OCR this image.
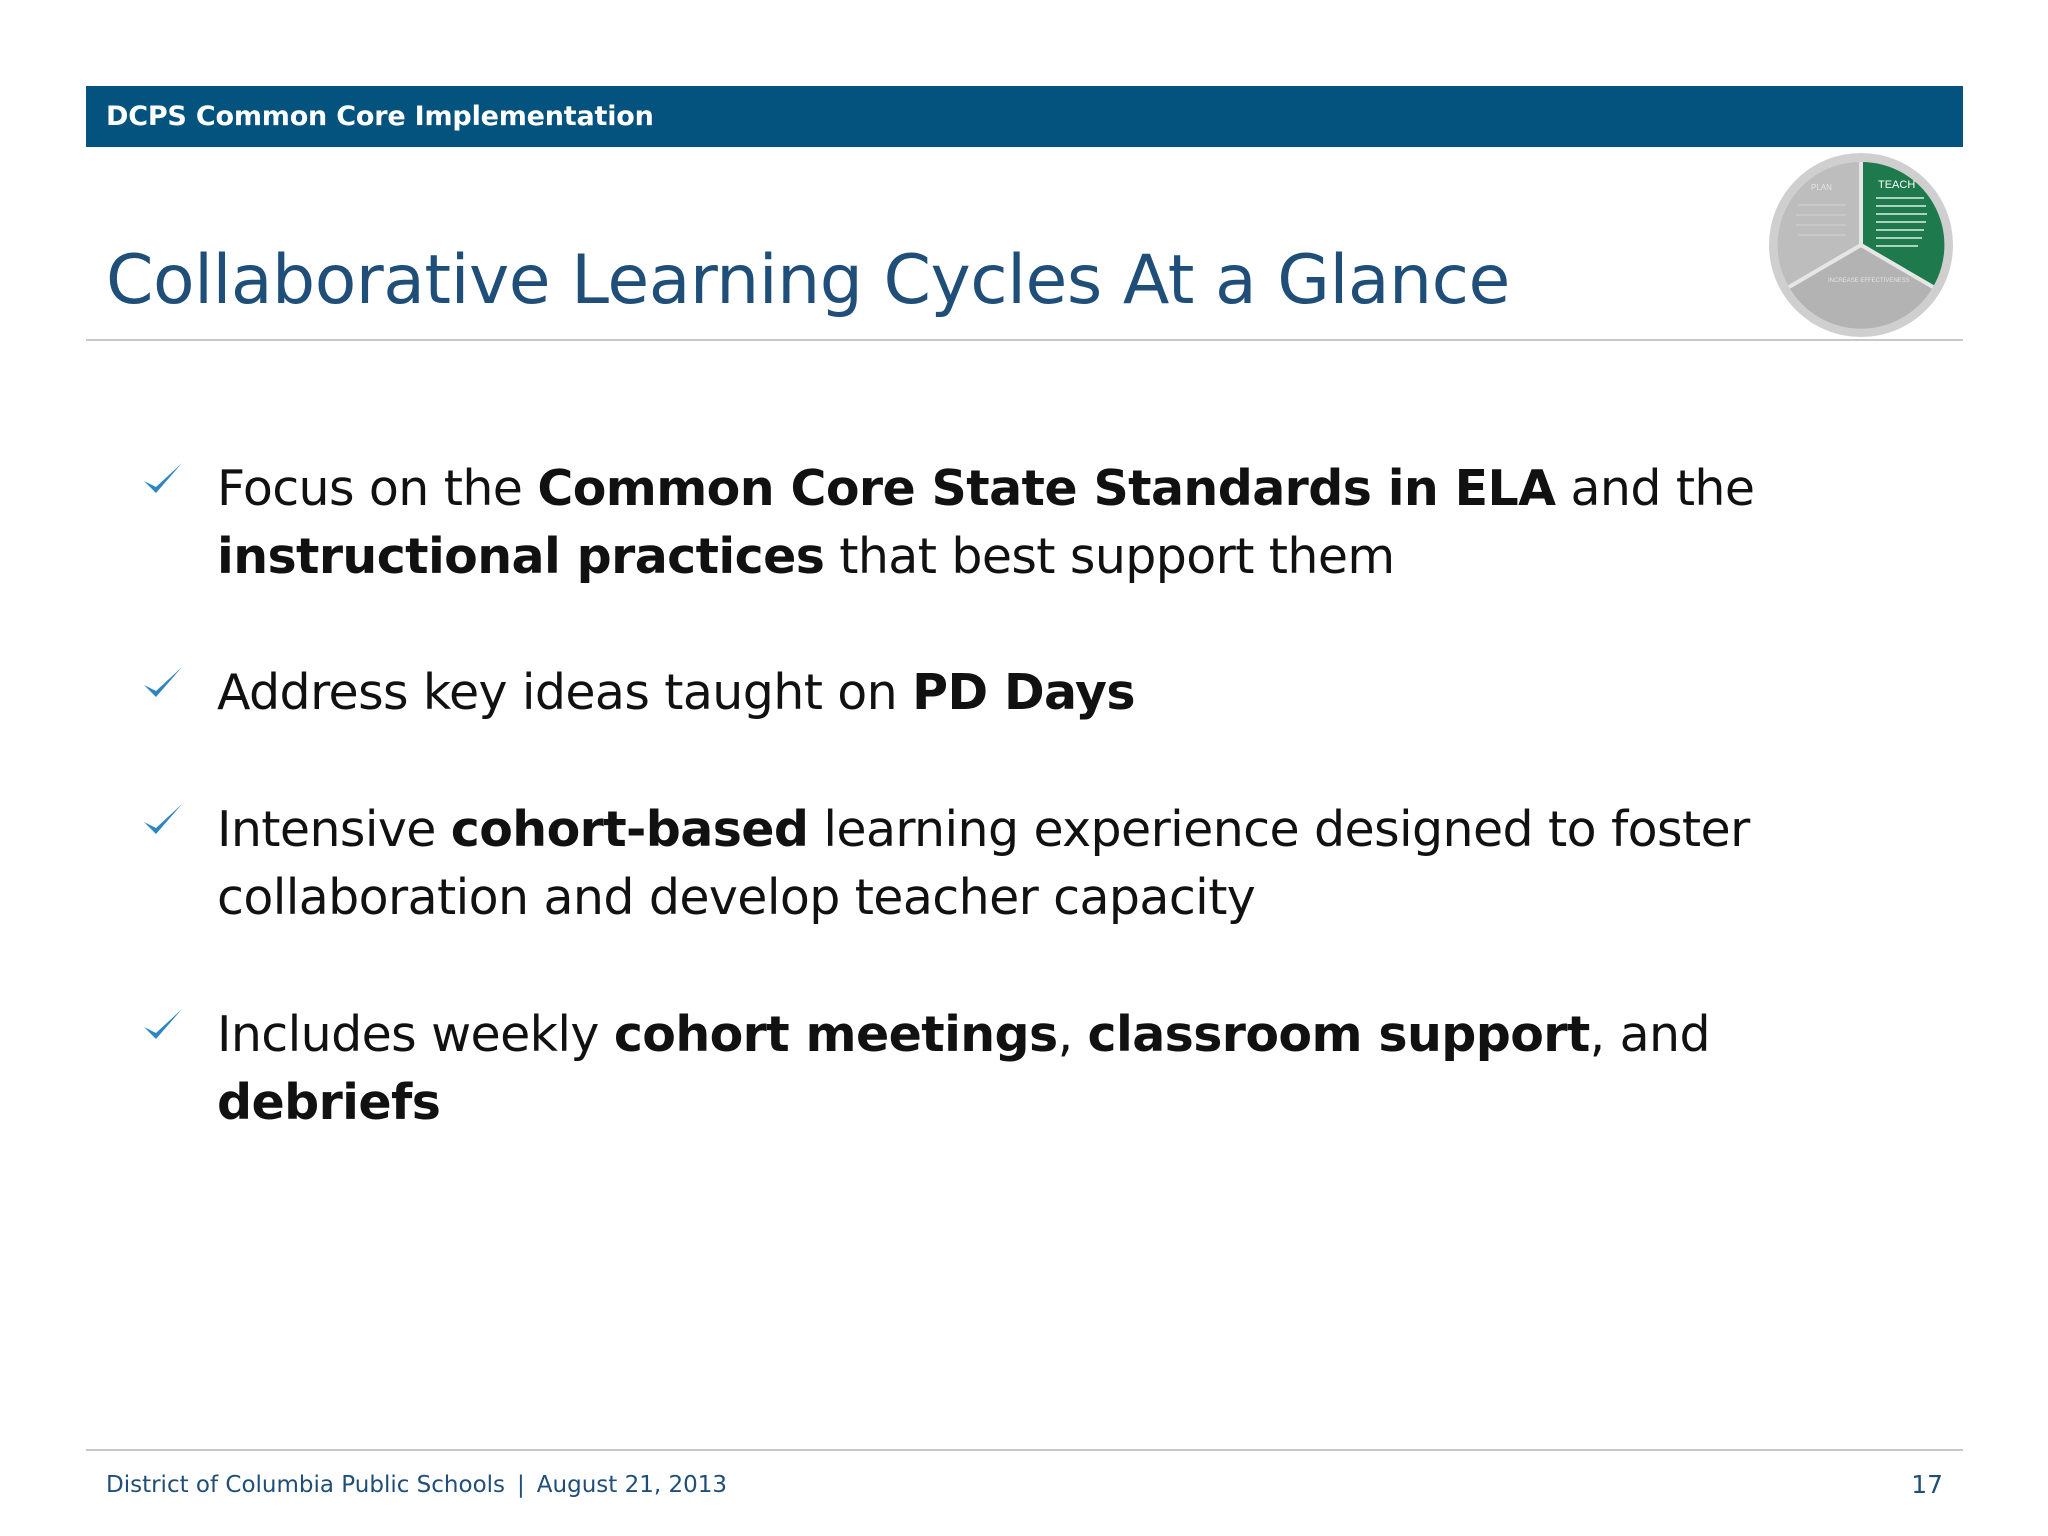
DCPS Common Core Implementation
Collaborative Learning Cycles At a Glance
TEACH
PLAN
INCREASE EFFECTIVENESS
Focus on the Common Core State Standards in ELA and the instructional practices that best support them
Address key ideas taught on PD Days
Intensive cohort-based learning experience designed to foster collaboration and develop teacher capacity
Includes weekly cohort meetings, classroom support, and debriefs
District of Columbia Public Schools | August 21, 2013	17
